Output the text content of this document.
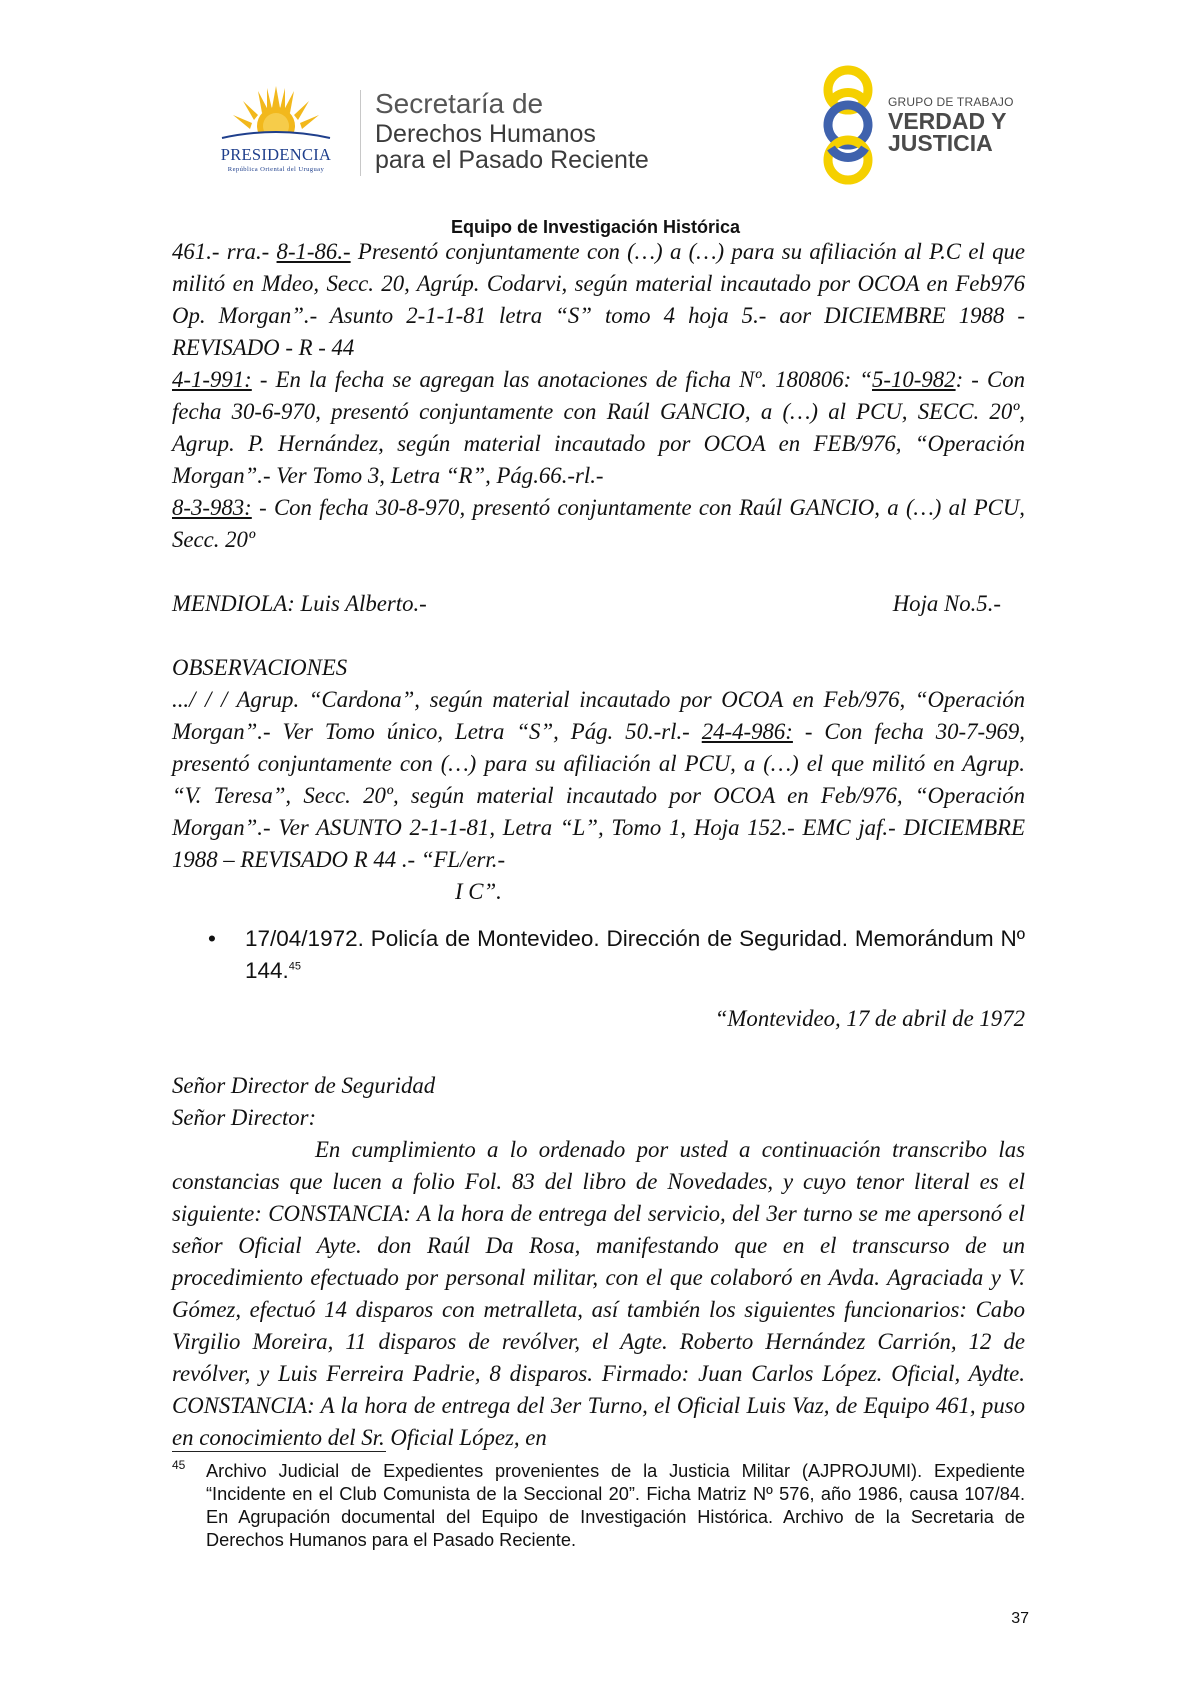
PRESIDENCIA
República Oriental del Uruguay
Secretaría de
Derechos Humanos
para el Pasado Reciente
GRUPO DE TRABAJO
VERDAD Y
JUSTICIA
Equipo de Investigación Histórica

461.- rra.- 8-1-86.- Presentó conjuntamente con (…) a (…) para su afiliación al P.C el que militó en Mdeo, Secc. 20, Agrúp. Codarvi, según material incautado por OCOA en Feb976 Op. Morgan”.- Asunto 2-1-1-81 letra “S” tomo 4 hoja 5.- aor DICIEMBRE 1988 - REVISADO - R - 44

4-1-991: - En la fecha se agregan las anotaciones de ficha Nº. 180806: “5-10-982: - Con fecha 30-6-970, presentó conjuntamente con Raúl GANCIO, a (…) al PCU, SECC. 20º, Agrup. P. Hernández, según material incautado por OCOA en FEB/976, “Operación Morgan”.- Ver Tomo 3, Letra “R”, Pág.66.-rl.-

8-3-983: - Con fecha 30-8-970, presentó conjuntamente con Raúl GANCIO, a (…) al PCU, Secc. 20º

MENDIOLA: Luis Alberto.-	Hoja No.5.-

OBSERVACIONES

.../ / / Agrup. “Cardona”, según material incautado por OCOA en Feb/976, “Operación Morgan”.- Ver Tomo único, Letra “S”, Pág. 50.-rl.- 24-4-986: - Con fecha 30-7-969, presentó conjuntamente con (…) para su afiliación al PCU, a (…) el que militó en Agrup. “V. Teresa”, Secc. 20º, según material incautado por OCOA en Feb/976, “Operación Morgan”.- Ver ASUNTO 2-1-1-81, Letra “L”, Tomo 1, Hoja 152.- EMC jaf.- DICIEMBRE 1988 – REVISADO R 44 .- “FL/err.-

I C”.
• 17/04/1972. Policía de Montevideo. Dirección de Seguridad. Memorándum Nº 144.45
“Montevideo, 17 de abril de 1972

Señor Director de Seguridad

Señor Director:

En cumplimiento a lo ordenado por usted a continuación transcribo las constancias que lucen a folio Fol. 83 del libro de Novedades, y cuyo tenor literal es el siguiente: CONSTANCIA: A la hora de entrega del servicio, del 3er turno se me apersonó el señor Oficial Ayte. don Raúl Da Rosa, manifestando que en el transcurso de un procedimiento efectuado por personal militar, con el que colaboró en Avda. Agraciada y V. Gómez, efectuó 14 disparos con metralleta, así también los siguientes funcionarios: Cabo Virgilio Moreira, 11 disparos de revólver, el Agte. Roberto Hernández Carrión, 12 de revólver, y Luis Ferreira Padrie, 8 disparos. Firmado: Juan Carlos López. Oficial, Aydte. CONSTANCIA: A la hora de entrega del 3er Turno, el Oficial Luis Vaz, de Equipo 461, puso en conocimiento del Sr. Oficial López, en

45 Archivo Judicial de Expedientes provenientes de la Justicia Militar (AJPROJUMI). Expediente “Incidente en el Club Comunista de la Seccional 20”. Ficha Matriz Nº 576, año 1986, causa 107/84. En Agrupación documental del Equipo de Investigación Histórica. Archivo de la Secretaria de Derechos Humanos para el Pasado Reciente.
37
